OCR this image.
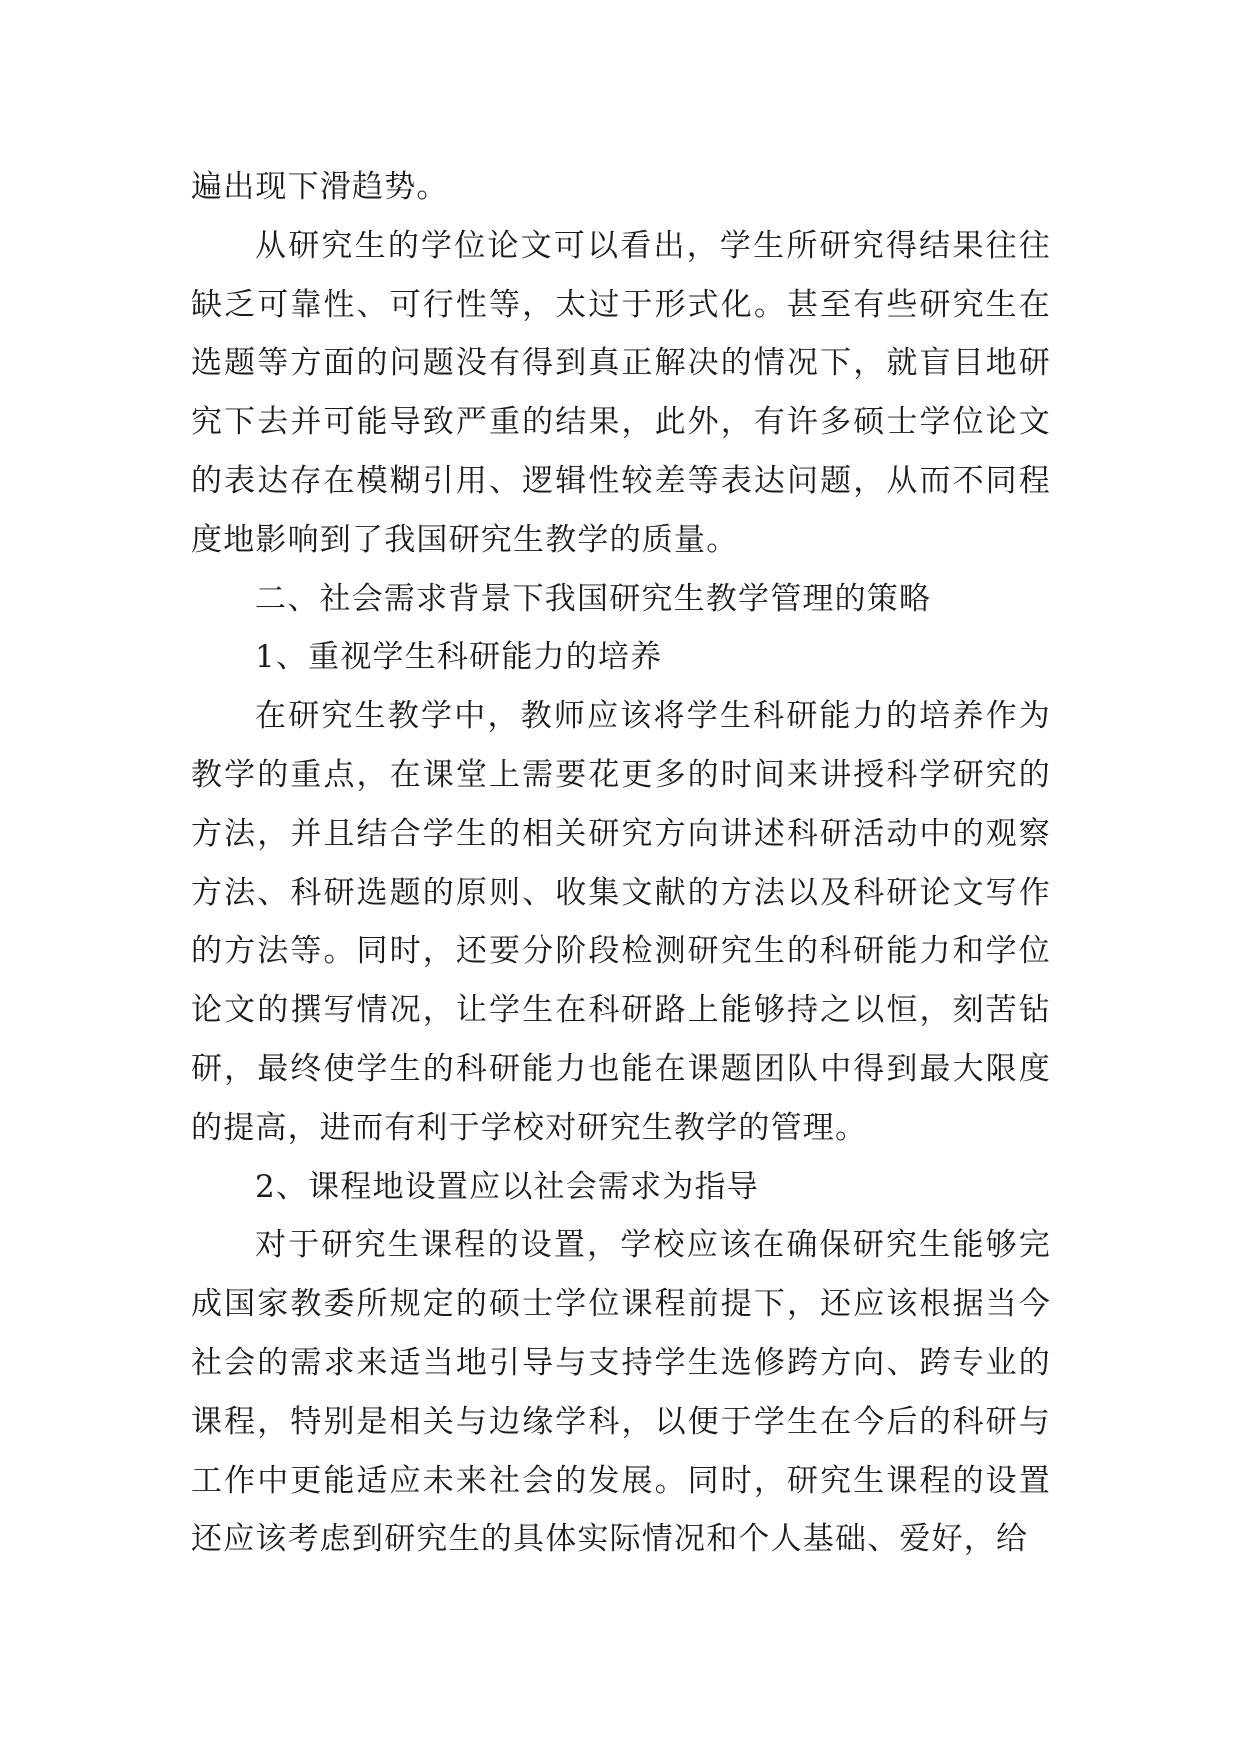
遍出现下滑趋势。

从研究生的学位论文可以看出，学生所研究得结果往往缺乏可靠性、可行性等，太过于形式化。甚至有些研究生在选题等方面的问题没有得到真正解决的情况下，就盲目地研究下去并可能导致严重的结果，此外，有许多硕士学位论文的表达存在模糊引用、逻辑性较差等表达问题，从而不同程度地影响到了我国研究生教学的质量。

二、社会需求背景下我国研究生教学管理的策略

1、重视学生科研能力的培养

在研究生教学中，教师应该将学生科研能力的培养作为教学的重点，在课堂上需要花更多的时间来讲授科学研究的方法，并且结合学生的相关研究方向讲述科研活动中的观察方法、科研选题的原则、收集文献的方法以及科研论文写作的方法等。同时，还要分阶段检测研究生的科研能力和学位论文的撰写情况，让学生在科研路上能够持之以恒，刻苦钻研，最终使学生的科研能力也能在课题团队中得到最大限度的提高，进而有利于学校对研究生教学的管理。

2、课程地设置应以社会需求为指导

对于研究生课程的设置，学校应该在确保研究生能够完成国家教委所规定的硕士学位课程前提下，还应该根据当今社会的需求来适当地引导与支持学生选修跨方向、跨专业的课程，特别是相关与边缘学科，以便于学生在今后的科研与工作中更能适应未来社会的发展。同时，研究生课程的设置还应该考虑到研究生的具体实际情况和个人基础、爱好，给
